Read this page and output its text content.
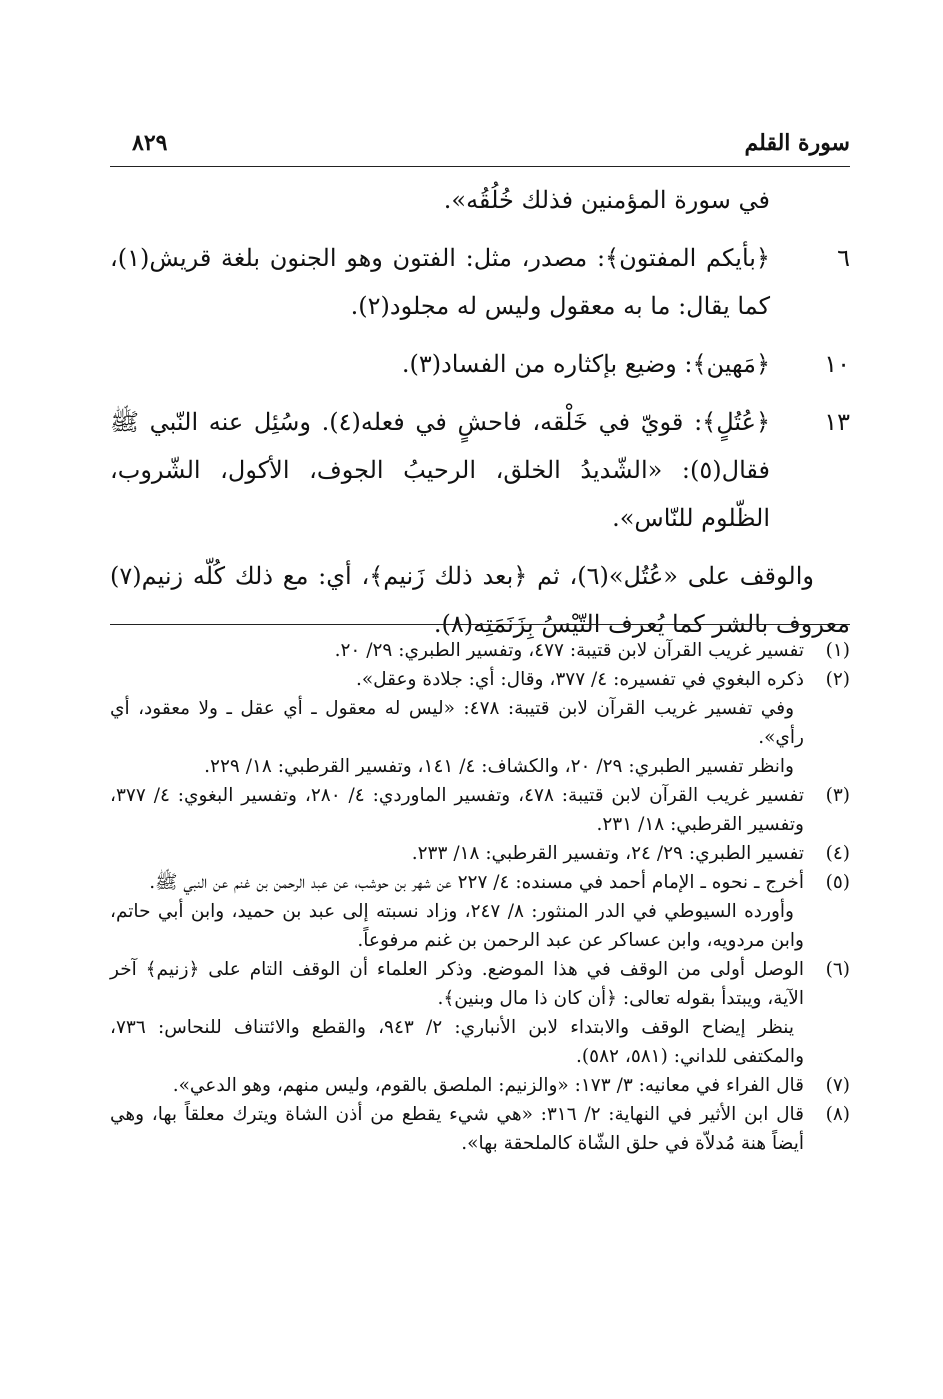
سورة القلم
٨٢٩

في سورة المؤمنين فذلك خُلُقُه».

٦
﴿بأيكم المفتون﴾: مصدر، مثل: الفتون وهو الجنون بلغة قريش(١)، كما يقال: ما به معقول وليس له مجلود(٢).
١٠
﴿مَهين﴾: وضيع بإكثاره من الفساد(٣).
١٣
﴿عُتُلٍ﴾: قويّ في خَلْقه، فاحشٍ في فعله(٤). وسُئِل عنه النّبي ﷺ فقال(٥): «الشّديدُ الخلق، الرحيبُ الجوف، الأكول، الشّروب، الظّلوم للنّاس».

والوقف على «عُتُل»(٦)، ثم ﴿بعد ذلك زَنيم﴾، أي: مع ذلك كُلّه زنيم(٧) معروف بالشر كما يُعرف التّيْسُ بِزَنَمَتِه(٨).

(١)
تفسير غريب القرآن لابن قتيبة: ٤٧٧، وتفسير الطبري: ٢٩/ ٢٠.
(٢)
ذكره البغوي في تفسيره: ٤/ ٣٧٧، وقال: أي: جلادة وعقل».
وفي تفسير غريب القرآن لابن قتيبة: ٤٧٨: «ليس له معقول ـ أي عقل ـ ولا معقود، أي رأي».
وانظر تفسير الطبري: ٢٩/ ٢٠، والكشاف: ٤/ ١٤١، وتفسير القرطبي: ١٨/ ٢٢٩.
(٣)
تفسير غريب القرآن لابن قتيبة: ٤٧٨، وتفسير الماوردي: ٤/ ٢٨٠، وتفسير البغوي: ٤/ ٣٧٧، وتفسير القرطبي: ١٨/ ٢٣١.
(٤)
تفسير الطبري: ٢٩/ ٢٤، وتفسير القرطبي: ١٨/ ٢٣٣.
(٥)
أخرج ـ نحوه ـ الإمام أحمد في مسنده: ٤/ ٢٢٧ عن شهر بن حوشب، عن عبد الرحمن بن غنم عن النبي ﷺ.
وأورده السيوطي في الدر المنثور: ٨/ ٢٤٧، وزاد نسبته إلى عبد بن حميد، وابن أبي حاتم، وابن مردويه، وابن عساكر عن عبد الرحمن بن غنم مرفوعاً.
(٦)
الوصل أولى من الوقف في هذا الموضع. وذكر العلماء أن الوقف التام على ﴿زنيم﴾ آخر الآية، ويبتدأ بقوله تعالى: ﴿أن كان ذا مال وبنين﴾.
ينظر إيضاح الوقف والابتداء لابن الأنباري: ٢/ ٩٤٣، والقطع والائتناف للنحاس: ٧٣٦، والمكتفى للداني: (٥٨١، ٥٨٢).
(٧)
قال الفراء في معانيه: ٣/ ١٧٣: «والزنيم: الملصق بالقوم، وليس منهم، وهو الدعي».
(٨)
قال ابن الأثير في النهاية: ٢/ ٣١٦: «هي شيء يقطع من أذن الشاة ويترك معلقاً بها، وهي أيضاً هنة مُدلاّة في حلق الشّاة كالملحقة بها».
